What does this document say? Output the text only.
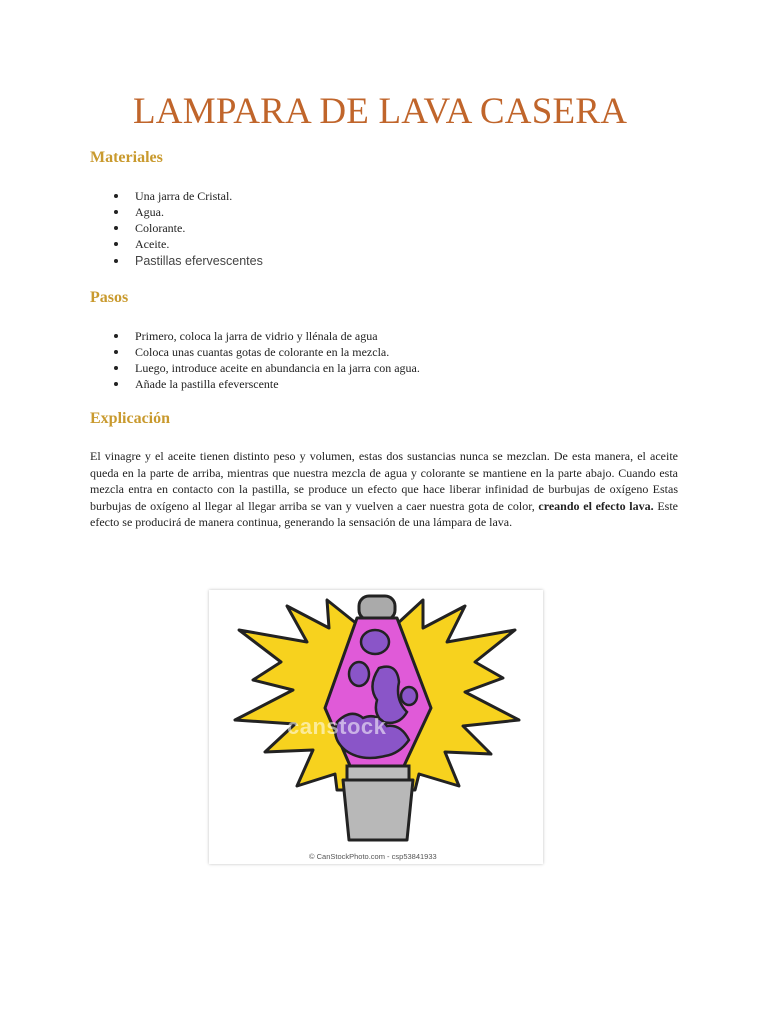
LAMPARA DE LAVA CASERA
Materiales
Una jarra de Cristal.
Agua.
Colorante.
Aceite.
Pastillas efervescentes
Pasos
Primero, coloca la jarra de vidrio y llénala de agua
Coloca unas cuantas gotas de colorante en la mezcla.
Luego, introduce aceite en abundancia en la jarra con agua.
Añade la pastilla efeverscente
Explicación

El vinagre y el aceite tienen distinto peso y volumen, estas dos sustancias nunca se mezclan. De esta manera, el aceite queda en la parte de arriba, mientras que nuestra mezcla de agua y colorante se mantiene en la parte abajo. Cuando esta mezcla entra en contacto con la pastilla, se produce un efecto que hace liberar infinidad de burbujas de oxígeno Estas burbujas de oxígeno al llegar al llegar arriba se van y vuelven a caer nuestra gota de color, creando el efecto lava. Este efecto se producirá de manera continua, generando la sensación de una lámpara de lava.

canstock
© CanStockPhoto.com - csp53841933
